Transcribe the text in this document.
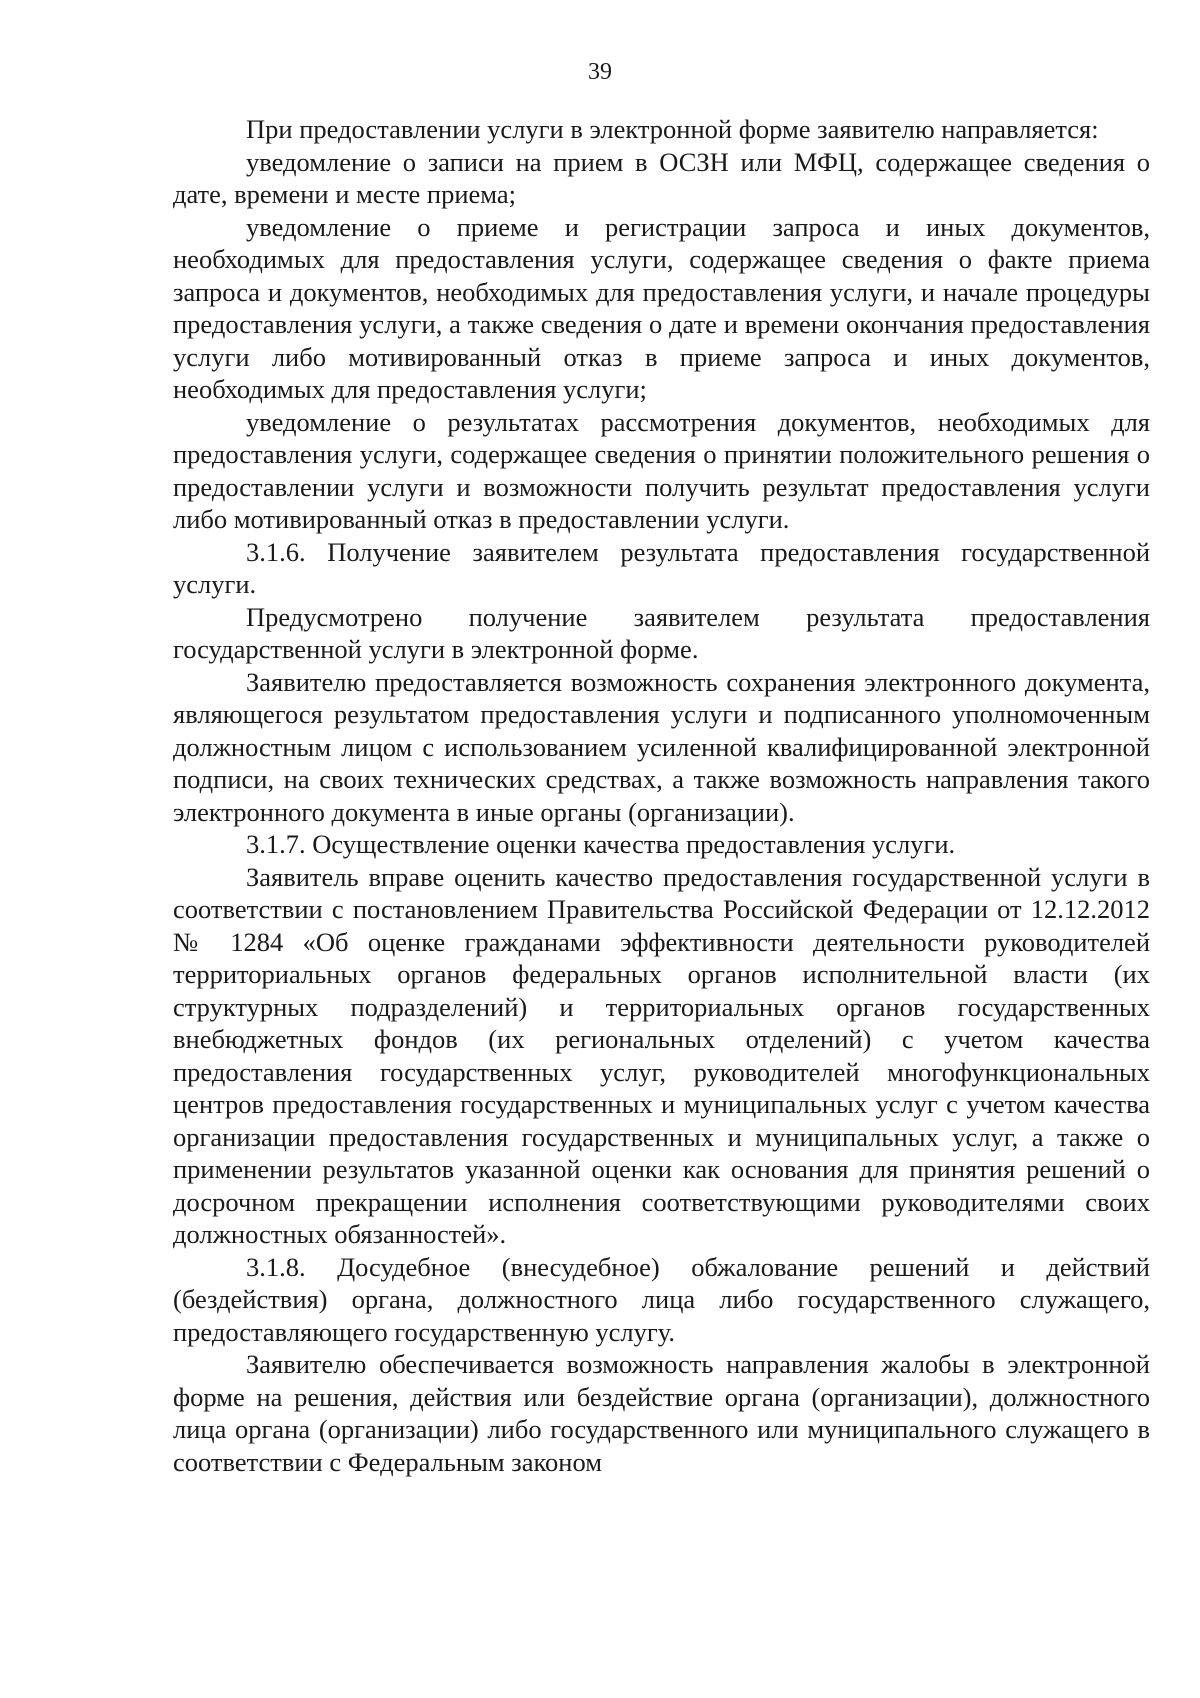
39

При предоставлении услуги в электронной форме заявителю направляется:

уведомление о записи на прием в ОСЗН или МФЦ, содержащее сведения о дате, времени и месте приема;

уведомление о приеме и регистрации запроса и иных документов, необходимых для предоставления услуги, содержащее сведения о факте приема запроса и документов, необходимых для предоставления услуги, и начале процедуры предоставления услуги, а также сведения о дате и времени окончания предоставления услуги либо мотивированный отказ в приеме запроса и иных документов, необходимых для предоставления услуги;

уведомление о результатах рассмотрения документов, необходимых для предоставления услуги, содержащее сведения о принятии положительного решения о предоставлении услуги и возможности получить результат предоставления услуги либо мотивированный отказ в предоставлении услуги.

3.1.6. Получение заявителем результата предоставления государственной услуги.

Предусмотрено получение заявителем результата предоставления государственной услуги в электронной форме.

Заявителю предоставляется возможность сохранения электронного документа, являющегося результатом предоставления услуги и подписанного уполномоченным должностным лицом с использованием усиленной квалифицированной электронной подписи, на своих технических средствах, а также возможность направления такого электронного документа в иные органы (организации).

3.1.7. Осуществление оценки качества предоставления услуги.

Заявитель вправе оценить качество предоставления государственной услуги в соответствии с постановлением Правительства Российской Федерации от 12.12.2012 № 1284 «Об оценке гражданами эффективности деятельности руководителей территориальных органов федеральных органов исполнительной власти (их структурных подразделений) и территориальных органов государственных внебюджетных фондов (их региональных отделений) с учетом качества предоставления государственных услуг, руководителей многофункциональных центров предоставления государственных и муниципальных услуг с учетом качества организации предоставления государственных и муниципальных услуг, а также о применении результатов указанной оценки как основания для принятия решений о досрочном прекращении исполнения соответствующими руководителями своих должностных обязанностей».

3.1.8. Досудебное (внесудебное) обжалование решений и действий (бездействия) органа, должностного лица либо государственного служащего, предоставляющего государственную услугу.

Заявителю обеспечивается возможность направления жалобы в электронной форме на решения, действия или бездействие органа (организации), должностного лица органа (организации) либо государственного или муниципального служащего в соответствии с Федеральным законом
